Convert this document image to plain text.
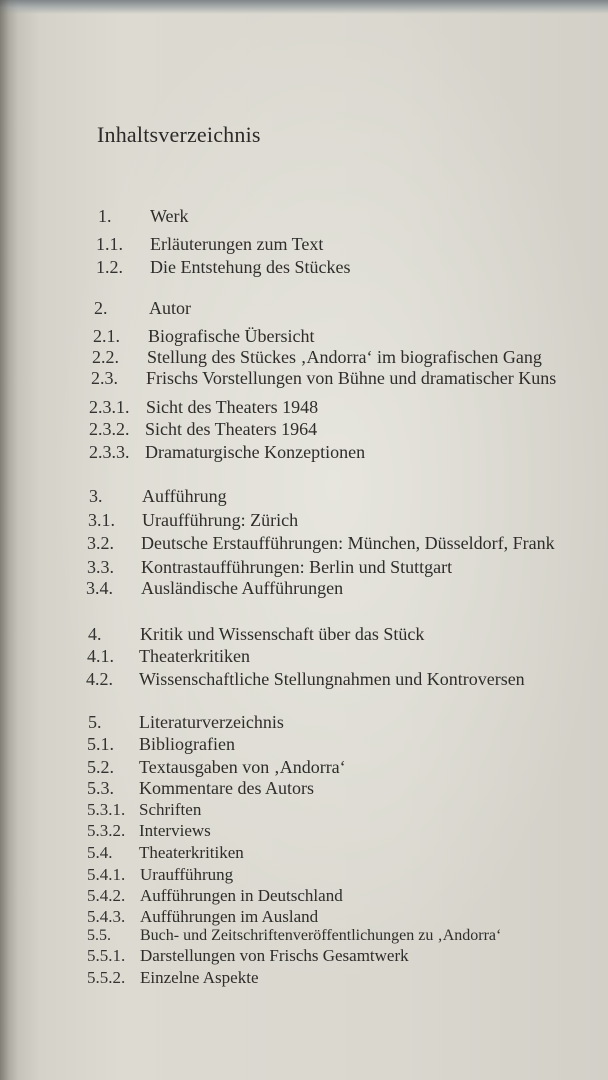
Inhaltsverzeichnis
1. Werk
1.1. Erläuterungen zum Text
1.2. Die Entstehung des Stückes
2. Autor
2.1. Biografische Übersicht
2.2. Stellung des Stückes ‚Andorra‘ im biografischen Gang
2.3. Frischs Vorstellungen von Bühne und dramatischer Kuns
2.3.1. Sicht des Theaters 1948
2.3.2. Sicht des Theaters 1964
2.3.3. Dramaturgische Konzeptionen
3. Aufführung
3.1. Uraufführung: Zürich
3.2. Deutsche Erstaufführungen: München, Düsseldorf, Frank
3.3. Kontrastaufführungen: Berlin und Stuttgart
3.4. Ausländische Aufführungen
4. Kritik und Wissenschaft über das Stück
4.1. Theaterkritiken
4.2. Wissenschaftliche Stellungnahmen und Kontroversen
5. Literaturverzeichnis
5.1. Bibliografien
5.2. Textausgaben von ‚Andorra‘
5.3. Kommentare des Autors
5.3.1. Schriften
5.3.2. Interviews
5.4. Theaterkritiken
5.4.1. Uraufführung
5.4.2. Aufführungen in Deutschland
5.4.3. Aufführungen im Ausland
5.5. Buch- und Zeitschriftenveröffentlichungen zu ‚Andorra‘
5.5.1. Darstellungen von Frischs Gesamtwerk
5.5.2. Einzelne Aspekte
